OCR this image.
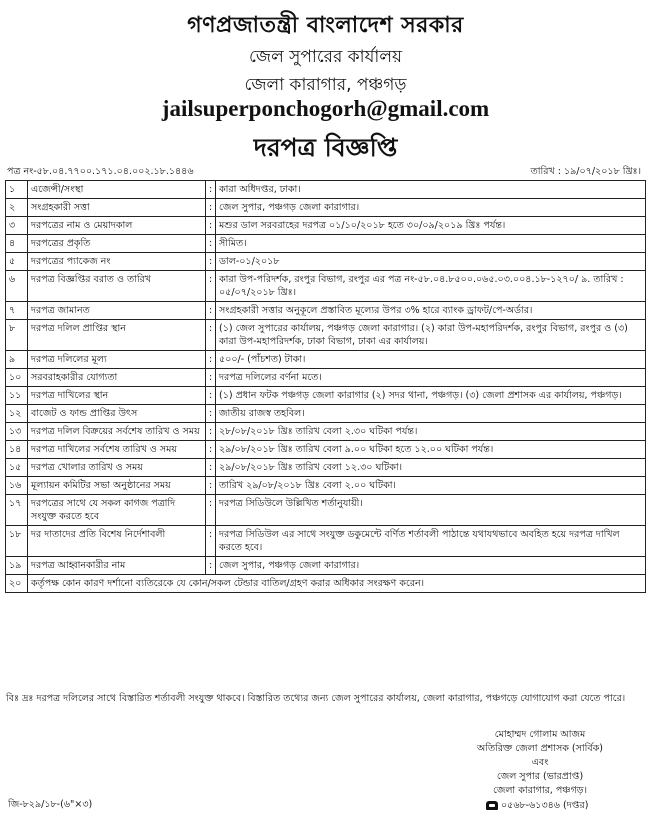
গণপ্রজাতন্ত্রী বাংলাদেশ সরকার
জেল সুপারের কার্যালয়
জেলা কারাগার, পঞ্চগড়
jailsuperponchogorh@gmail.com
দরপত্র বিজ্ঞপ্তি
পত্র নং-৫৮.০৪.৭৭০০.১৭১.০৪.০০২.১৮.১৪৪৬	তারিখ : ১৯/০৭/২০১৮ খ্রিঃ।
১	এজেন্সী/সংস্থা	:	কারা অধিদপ্তর, ঢাকা।
২	সংগ্রহকারী সত্তা	:	জেল সুপার, পঞ্চগড় জেলা কারাগার।
৩	দরপত্রের নাম ও মেয়াদকাল	:	মশুর ডাল সরবরাহের দরপত্র ০১/১০/২০১৮ হতে ৩০/০৯/২০১৯ খ্রিঃ পর্যন্ত।
৪	দরপত্রের প্রকৃতি	:	সীমিত।
৫	দরপত্রের প্যাকেজ নং	:	ডাল-০১/২০১৮
৬	দরপত্র বিজ্ঞপ্তির বরাত ও তারিখ	:	কারা উপ-পরিদর্শক, রংপুর বিভাগ, রংপুর এর পত্র নং-৫৮.০৪.৮৫০০.০৬৫.০৩.০০৪.১৮-১২৭০/ ৯. তারিখ : ০৫/০৭/২০১৮ খ্রিঃ।
৭	দরপত্র জামানত	:	সংগ্রহকারী সত্তার অনুকূলে প্রস্তাবিত মূল্যের উপর ৩% হারে ব্যাংক ড্রাফট/পে-অর্ডার।
৮	দরপত্র দলিল প্রাপ্তির স্থান	:	(১) জেল সুপারের কার্যালয়, পঞ্চগড় জেলা কারাগার। (২) কারা উপ-মহাপরিদর্শক, রংপুর বিভাগ, রংপুর ও (৩) কারা উপ-মহাপরিদর্শক, ঢাকা বিভাগ, ঢাকা এর কার্যালয়।
৯	দরপত্র দলিলের মূল্য	:	৫০০/- (পাঁচশত) টাকা।
১০	সরবরাহকারীর যোগ্যতা	:	দরপত্র দলিলের বর্ণনা মতে।
১১	দরপত্র দাখিলের স্থান	:	(১) প্রধান ফটক পঞ্চগড় জেলা কারাগার (২) সদর থানা, পঞ্চগড়। (৩) জেলা প্রশাসক এর কার্যালয়, পঞ্চগড়।
১২	বাজেট ও ফান্ড প্রাপ্তির উৎস	:	জাতীয় রাজস্ব তহবিল।
১৩	দরপত্র দলিল বিক্রয়ের সর্বশেষ তারিখ ও সময়	:	২৮/০৮/২০১৮ খ্রিঃ তারিখ বেলা ২.৩০ ঘটিকা পর্যন্ত।
১৪	দরপত্র দাখিলের সর্বশেষ তারিখ ও সময়	:	২৯/০৮/২০১৮ খ্রিঃ তারিখ বেলা ৯.০০ ঘটিকা হতে ১২.০০ ঘটিকা পর্যন্ত।
১৫	দরপত্র খোলার তারিখ ও সময়	:	২৯/০৮/২০১৮ খ্রিঃ তারিখ বেলা ১২.৩০ ঘটিকা।
১৬	মূল্যায়ন কমিটির সভা অনুষ্ঠানের সময়	:	তারিখ ২৯/০৮/২০১৮ খ্রিঃ বেলা ২.০০ ঘটিকা।
১৭	দরপত্রের সাথে যে সকল কাগজ পত্রাদি সংযুক্ত করতে হবে	:	দরপত্র সিডিউলে উল্লিখিত শর্তানুযায়ী।
১৮	দর দাতাদের প্রতি বিশেষ নির্দেশাবলী	:	দরপত্র সিডিউল এর সাথে সংযুক্ত ডকুমেন্টে বর্ণিত শর্তাবলী পাঠান্তে যথাযথভাবে অবহিত হয়ে দরপত্র দাখিল করতে হবে।
১৯	দরপত্র আহ্বানকারীর নাম	:	জেল সুপার, পঞ্চগড় জেলা কারাগার।
২০	কর্তৃপক্ষ কোন কারণ দর্শানো ব্যতিরেকে যে কোন/সকল টেন্ডার বাতিল/গ্রহণ করার অধিকার সংরক্ষণ করেন।		
বিঃ দ্রঃ দরপত্র দলিলের সাথে বিস্তারিত শর্তাবলী সংযুক্ত থাকবে। বিস্তারিত তথ্যের জন্য জেল সুপারের কার্যালয়, জেলা কারাগার, পঞ্চগড়ে যোগাযোগ করা যেতে পারে।
মোহাম্মদ গোলাম আজম
অতিরিক্ত জেলা প্রশাসক (সার্বিক)
এবং
জেল সুপার (ভারপ্রাপ্ত)
জেলা কারাগার, পঞ্চগড়।
জি-৮২৯/১৮-(৬"×৩)	০৫৬৮-৬১৩৪৬ (দপ্তর)
